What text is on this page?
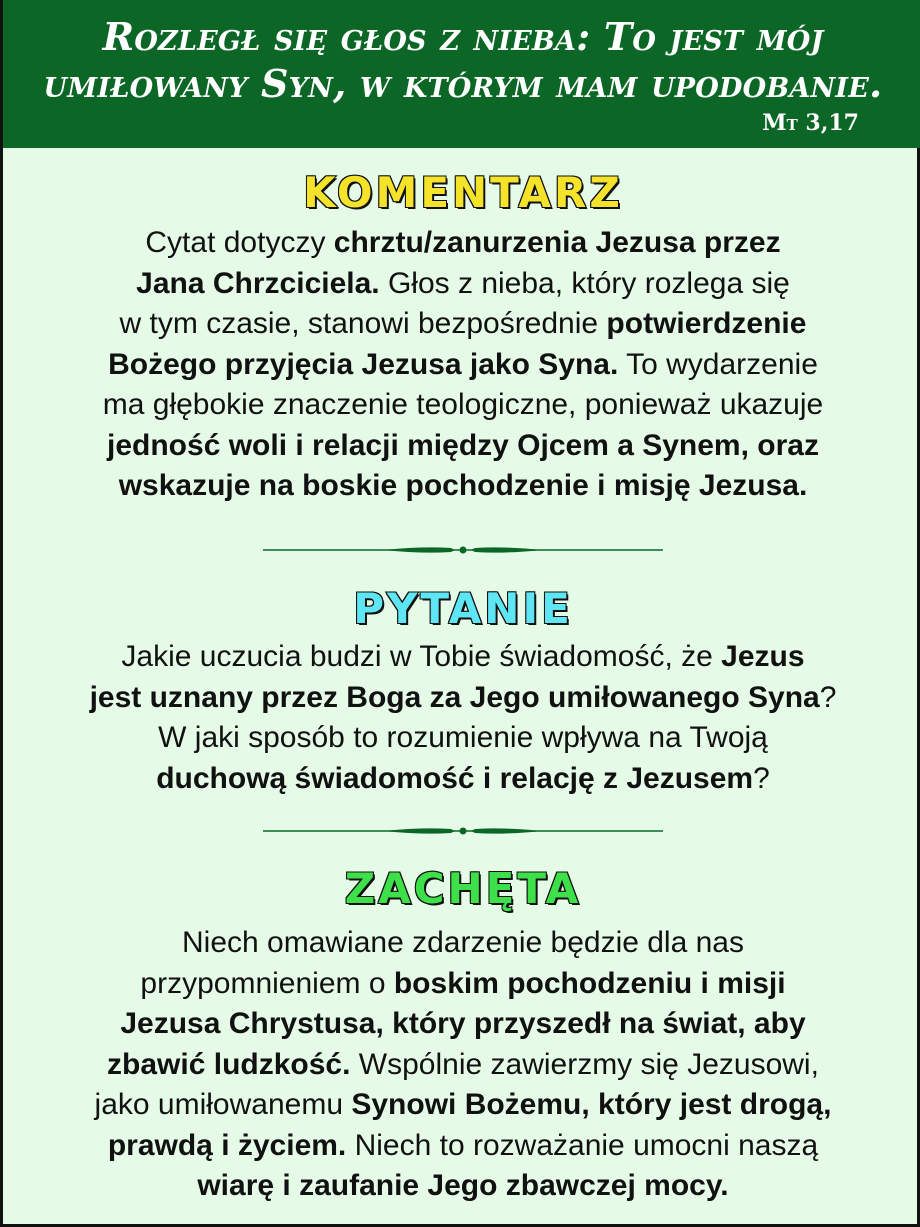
Rozległ się głos z nieba: To jest mój
umiłowany Syn, w którym mam upodobanie.

Mt 3,17
KOMENTARZ

Cytat dotyczy chrztu/zanurzenia Jezusa przez
Jana Chrzciciela. Głos z nieba, który rozlega się
w tym czasie, stanowi bezpośrednie potwierdzenie
Bożego przyjęcia Jezusa jako Syna. To wydarzenie
ma głębokie znaczenie teologiczne, ponieważ ukazuje
jedność woli i relacji między Ojcem a Synem, oraz
wskazuje na boskie pochodzenie i misję Jezusa.

PYTANIE

Jakie uczucia budzi w Tobie świadomość, że Jezus
jest uznany przez Boga za Jego umiłowanego Syna?
W jaki sposób to rozumienie wpływa na Twoją
duchową świadomość i relację z Jezusem?

ZACHĘTA

Niech omawiane zdarzenie będzie dla nas
przypomnieniem o boskim pochodzeniu i misji
Jezusa Chrystusa, który przyszedł na świat, aby
zbawić ludzkość. Wspólnie zawierzmy się Jezusowi,
jako umiłowanemu Synowi Bożemu, który jest drogą,
prawdą i życiem. Niech to rozważanie umocni naszą
wiarę i zaufanie Jego zbawczej mocy.
